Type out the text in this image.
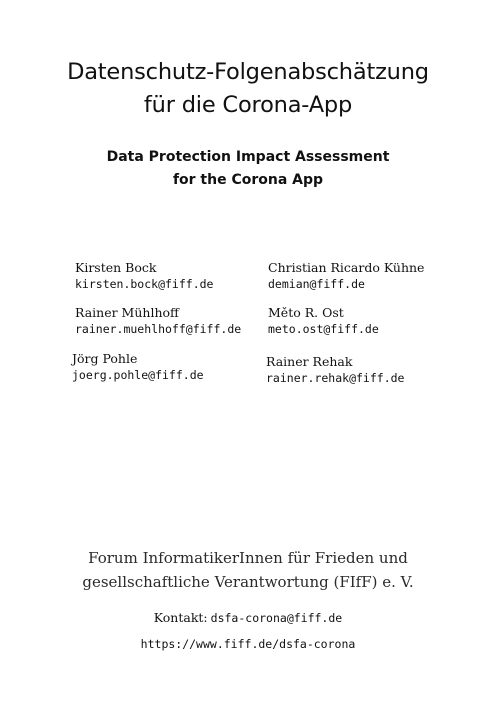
Datenschutz-Folgenabschätzung
für die Corona-App
Data Protection Impact Assessment
for the Corona App
Kirsten Bock
kirsten.bock@fiff.de
Christian Ricardo Kühne
demian@fiff.de
Rainer Mühlhoff
rainer.muehlhoff@fiff.de
Měto R. Ost
meto.ost@fiff.de
Jörg Pohle
joerg.pohle@fiff.de
Rainer Rehak
rainer.rehak@fiff.de
Forum InformatikerInnen für Frieden und
gesellschaftliche Verantwortung (FIfF) e. V.
Kontakt: dsfa-corona@fiff.de
https://www.fiff.de/dsfa-corona
